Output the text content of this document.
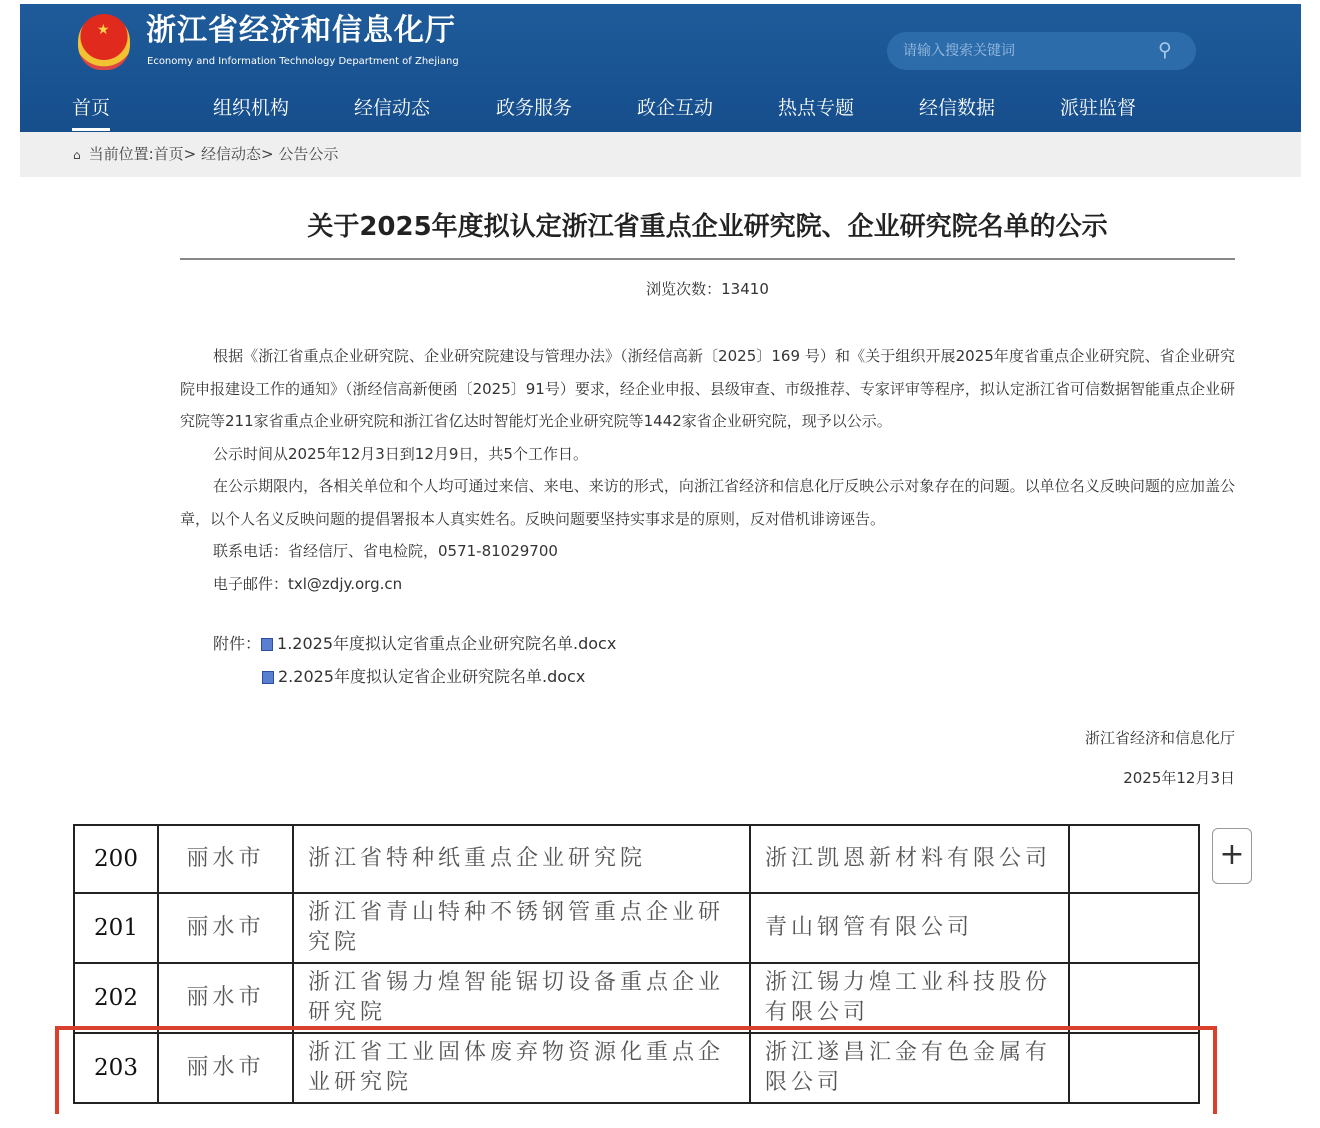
★ 浙江省经济和信息化厅
Economy and Information Technology Department of Zhejiang
请输入搜索关键词	⚲
首页	组织机构	经信动态	政务服务	政企互动	热点专题	经信数据	派驻监督
⌂ 当前位置:首页> 经信动态> 公告公示
关于2025年度拟认定浙江省重点企业研究院、企业研究院名单的公示
浏览次数：13410

根据《浙江省重点企业研究院、企业研究院建设与管理办法》（浙经信高新〔2025〕169 号）和《关于组织开展2025年度省重点企业研究院、省企业研究院申报建设工作的通知》（浙经信高新便函〔2025〕91号）要求，经企业申报、县级审查、市级推荐、专家评审等程序，拟认定浙江省可信数据智能重点企业研究院等211家省重点企业研究院和浙江省亿达时智能灯光企业研究院等1442家省企业研究院，现予以公示。

公示时间从2025年12月3日到12月9日，共5个工作日。

在公示期限内，各相关单位和个人均可通过来信、来电、来访的形式，向浙江省经济和信息化厅反映公示对象存在的问题。以单位名义反映问题的应加盖公章，以个人名义反映问题的提倡署报本人真实姓名。反映问题要坚持实事求是的原则，反对借机诽谤诬告。

联系电话：省经信厅、省电检院，0571-81029700

电子邮件：txl@zdjy.org.cn

附件： 1.2025年度拟认定省重点企业研究院名单.docx
2.2025年度拟认定省企业研究院名单.docx
浙江省经济和信息化厅
2025年12月3日
200	丽水市	浙江省特种纸重点企业研究院	浙江凯恩新材料有限公司	
201	丽水市	浙江省青山特种不锈钢管重点企业研究院	青山钢管有限公司	
202	丽水市	浙江省锡力煌智能锯切设备重点企业研究院	浙江锡力煌工业科技股份有限公司	
203	丽水市	浙江省工业固体废弃物资源化重点企业研究院	浙江遂昌汇金有色金属有限公司	
+
